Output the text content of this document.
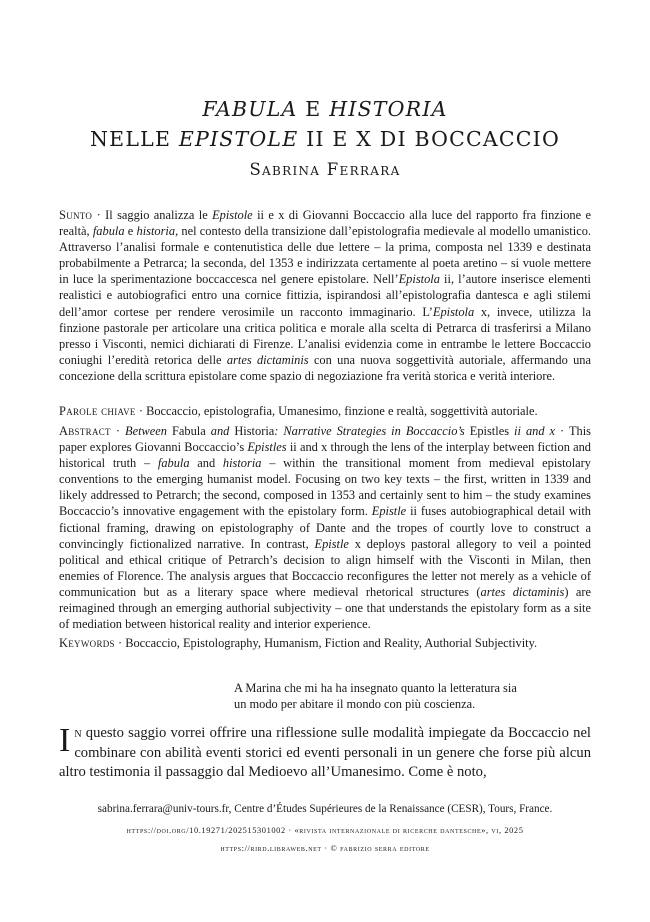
FABULA E HISTORIA
NELLE EPISTOLE II E X DI BOCCACCIO
Sabrina Ferrara

Sunto · Il saggio analizza le Epistole ii e x di Giovanni Boccaccio alla luce del rapporto fra finzione e realtà, fabula e historia, nel contesto della transizione dall’epistolografia medievale al modello umanistico. Attraverso l’analisi formale e contenutistica delle due lettere – la prima, composta nel 1339 e destinata probabilmente a Petrarca; la seconda, del 1353 e indirizzata certamente al poeta aretino – si vuole mettere in luce la sperimentazione boccaccesca nel genere epistolare. Nell’Epistola ii, l’autore inserisce elementi realistici e autobiografici entro una cornice fittizia, ispirandosi all’epistolografia dantesca e agli stilemi dell’amor cortese per rendere verosimile un racconto immaginario. L’Epistola x, invece, utilizza la finzione pastorale per articolare una critica politica e morale alla scelta di Petrarca di trasferirsi a Milano presso i Visconti, nemici dichiarati di Firenze. L’analisi evidenzia come in entrambe le lettere Boccaccio coniughi l’eredità retorica delle artes dictaminis con una nuova soggettività autoriale, affermando una concezione della scrittura epistolare come spazio di negoziazione fra verità storica e verità interiore.

Parole chiave · Boccaccio, epistolografia, Umanesimo, finzione e realtà, soggettività autoriale.

Abstract · Between Fabula and Historia: Narrative Strategies in Boccaccio’s Epistles ii and x · This paper explores Giovanni Boccaccio’s Epistles ii and x through the lens of the interplay between fiction and historical truth – fabula and historia – within the transitional moment from medieval epistolary conventions to the emerging humanist model. Focusing on two key texts – the first, written in 1339 and likely addressed to Petrarch; the second, composed in 1353 and certainly sent to him – the study examines Boccaccio’s innovative engagement with the epistolary form. Epistle ii fuses autobiographical detail with fictional framing, drawing on epistolography of Dante and the tropes of courtly love to construct a convincingly fictionalized narrative. In contrast, Epistle x deploys pastoral allegory to veil a pointed political and ethical critique of Petrarch’s decision to align himself with the Visconti in Milan, then enemies of Florence. The analysis argues that Boccaccio reconfigures the letter not merely as a vehicle of communication but as a literary space where medieval rhetorical structures (artes dictaminis) are reimagined through an emerging authorial subjectivity – one that understands the epistolary form as a site of mediation between historical reality and interior experience.

Keywords · Boccaccio, Epistolography, Humanism, Fiction and Reality, Authorial Subjectivity.

A Marina che mi ha ha insegnato quanto la letteratura sia
un modo per abitare il mondo con più coscienza.
In questo saggio vorrei offrire una riflessione sulle modalità impiegate da Boccaccio nel combinare con abilità eventi storici ed eventi personali in un genere che forse più alcun altro testimonia il passaggio dal Medioevo all’Umanesimo. Come è noto,
sabrina.ferrara@univ-tours.fr, Centre d’Études Supérieures de la Renaissance (CESR), Tours, France.
https://doi.org/10.19271/202515301002 · «rivista internazionale di ricerche dantesche», vi, 2025
https://rird.libraweb.net · © fabrizio serra editore
